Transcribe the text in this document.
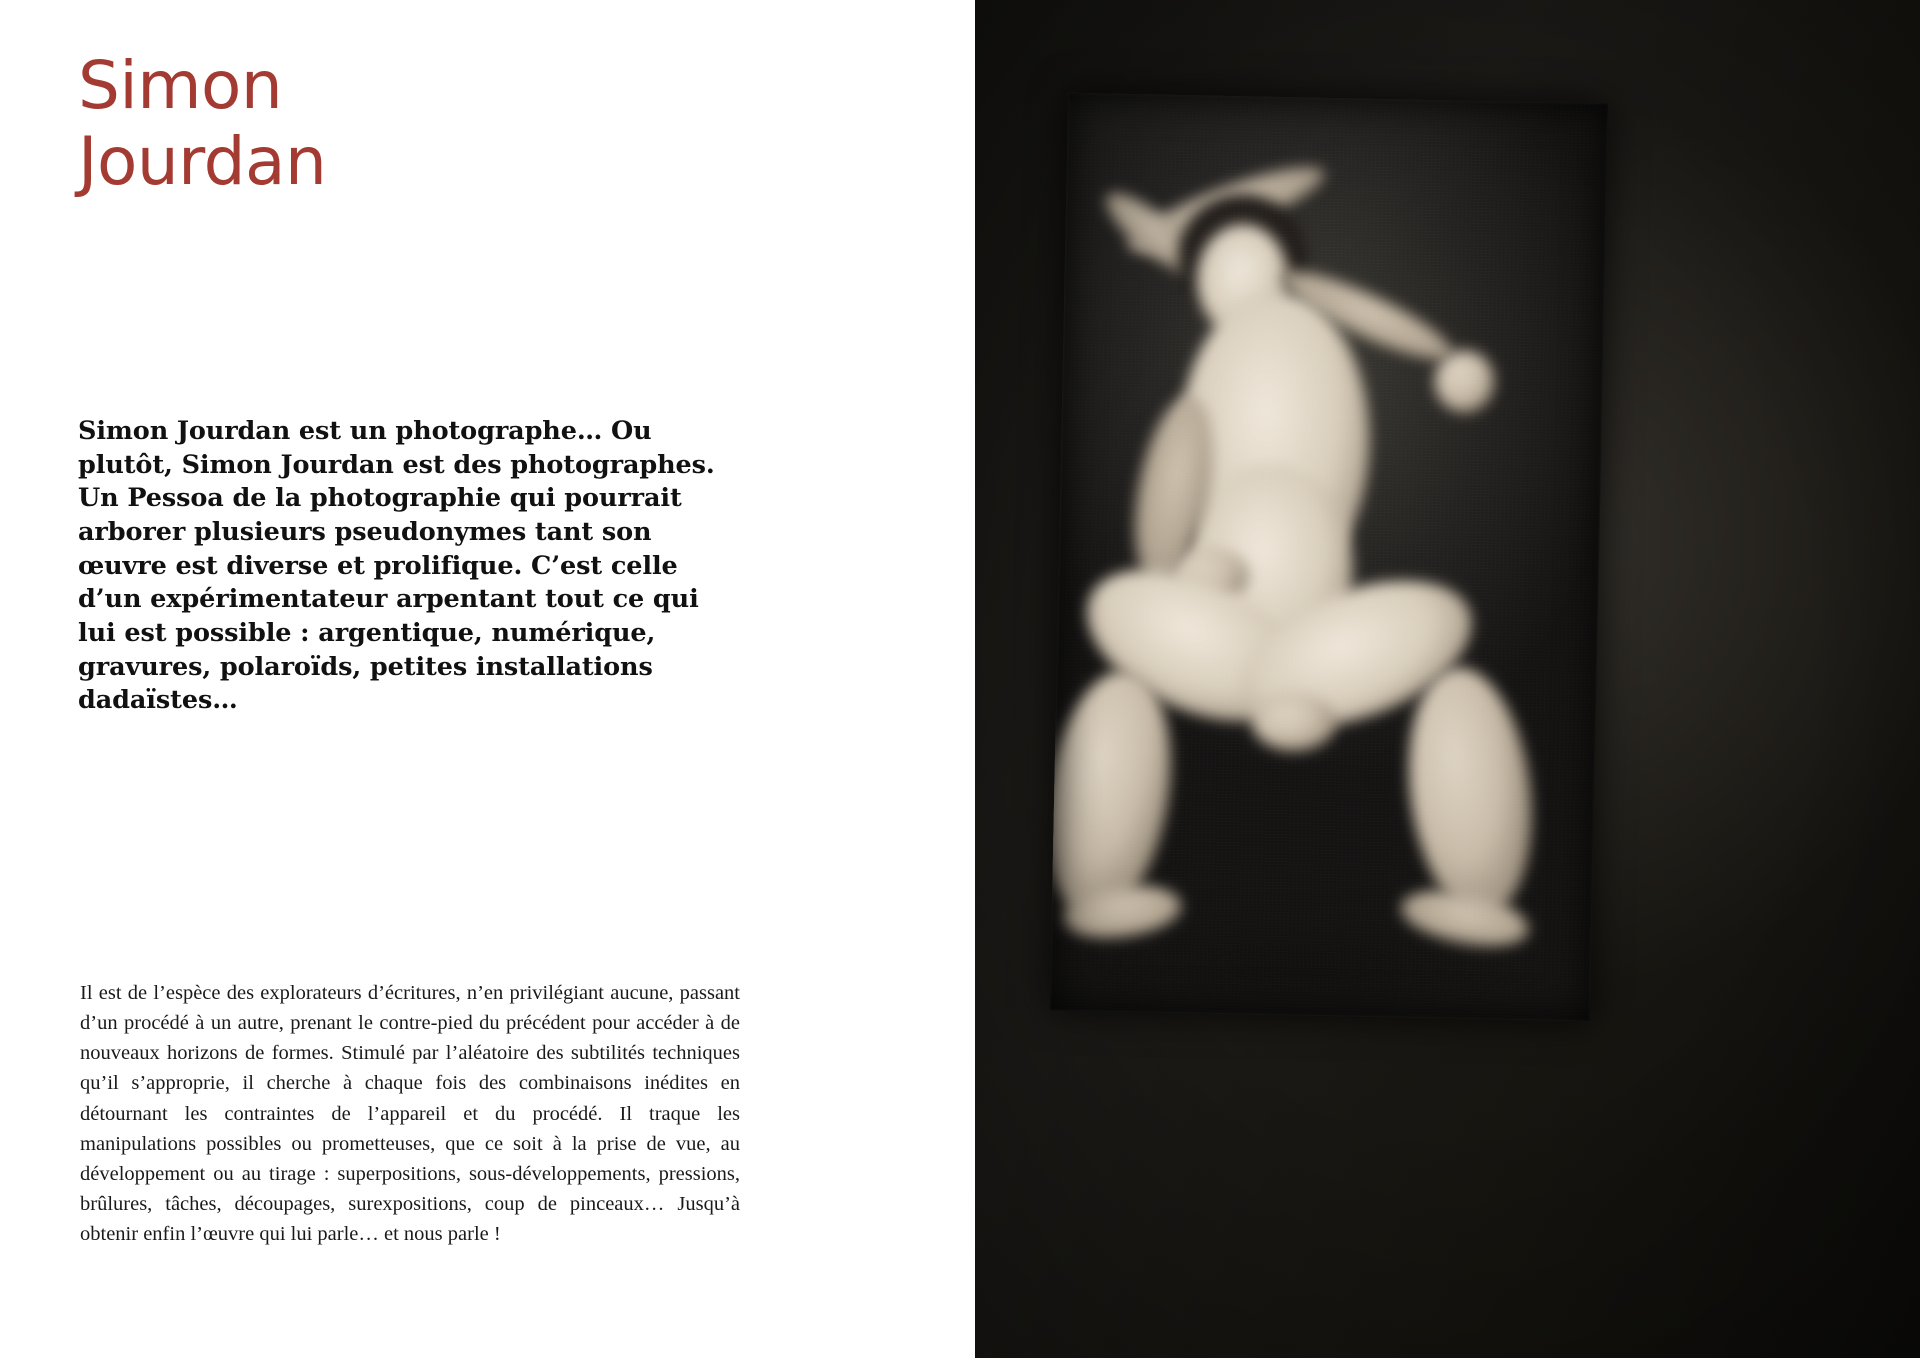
Simon
Jourdan

Simon Jourdan est un photographe… Ou plutôt, Simon Jourdan est des photographes. Un Pessoa de la photographie qui pourrait arborer plusieurs pseudonymes tant son œuvre est diverse et prolifique. C’est celle d’un expérimentateur arpentant tout ce qui lui est possible : argentique, numérique, gravures, polaroïds, petites installations dadaïstes…

Il est de l’espèce des explorateurs d’écritures, n’en privilégiant aucune, passant d’un procédé à un autre, prenant le contre-pied du précédent pour accéder à de nouveaux horizons de formes. Stimulé par l’aléatoire des subtilités techniques qu’il s’approprie, il cherche à chaque fois des combinaisons inédites en détournant les contraintes de l’appareil et du procédé. Il traque les manipulations possibles ou prometteuses, que ce soit à la prise de vue, au développement ou au tirage : superpositions, sous-développements, pressions, brûlures, tâches, découpages, surexpositions, coup de pinceaux… Jusqu’à obtenir enfin l’œuvre qui lui parle… et nous parle !
